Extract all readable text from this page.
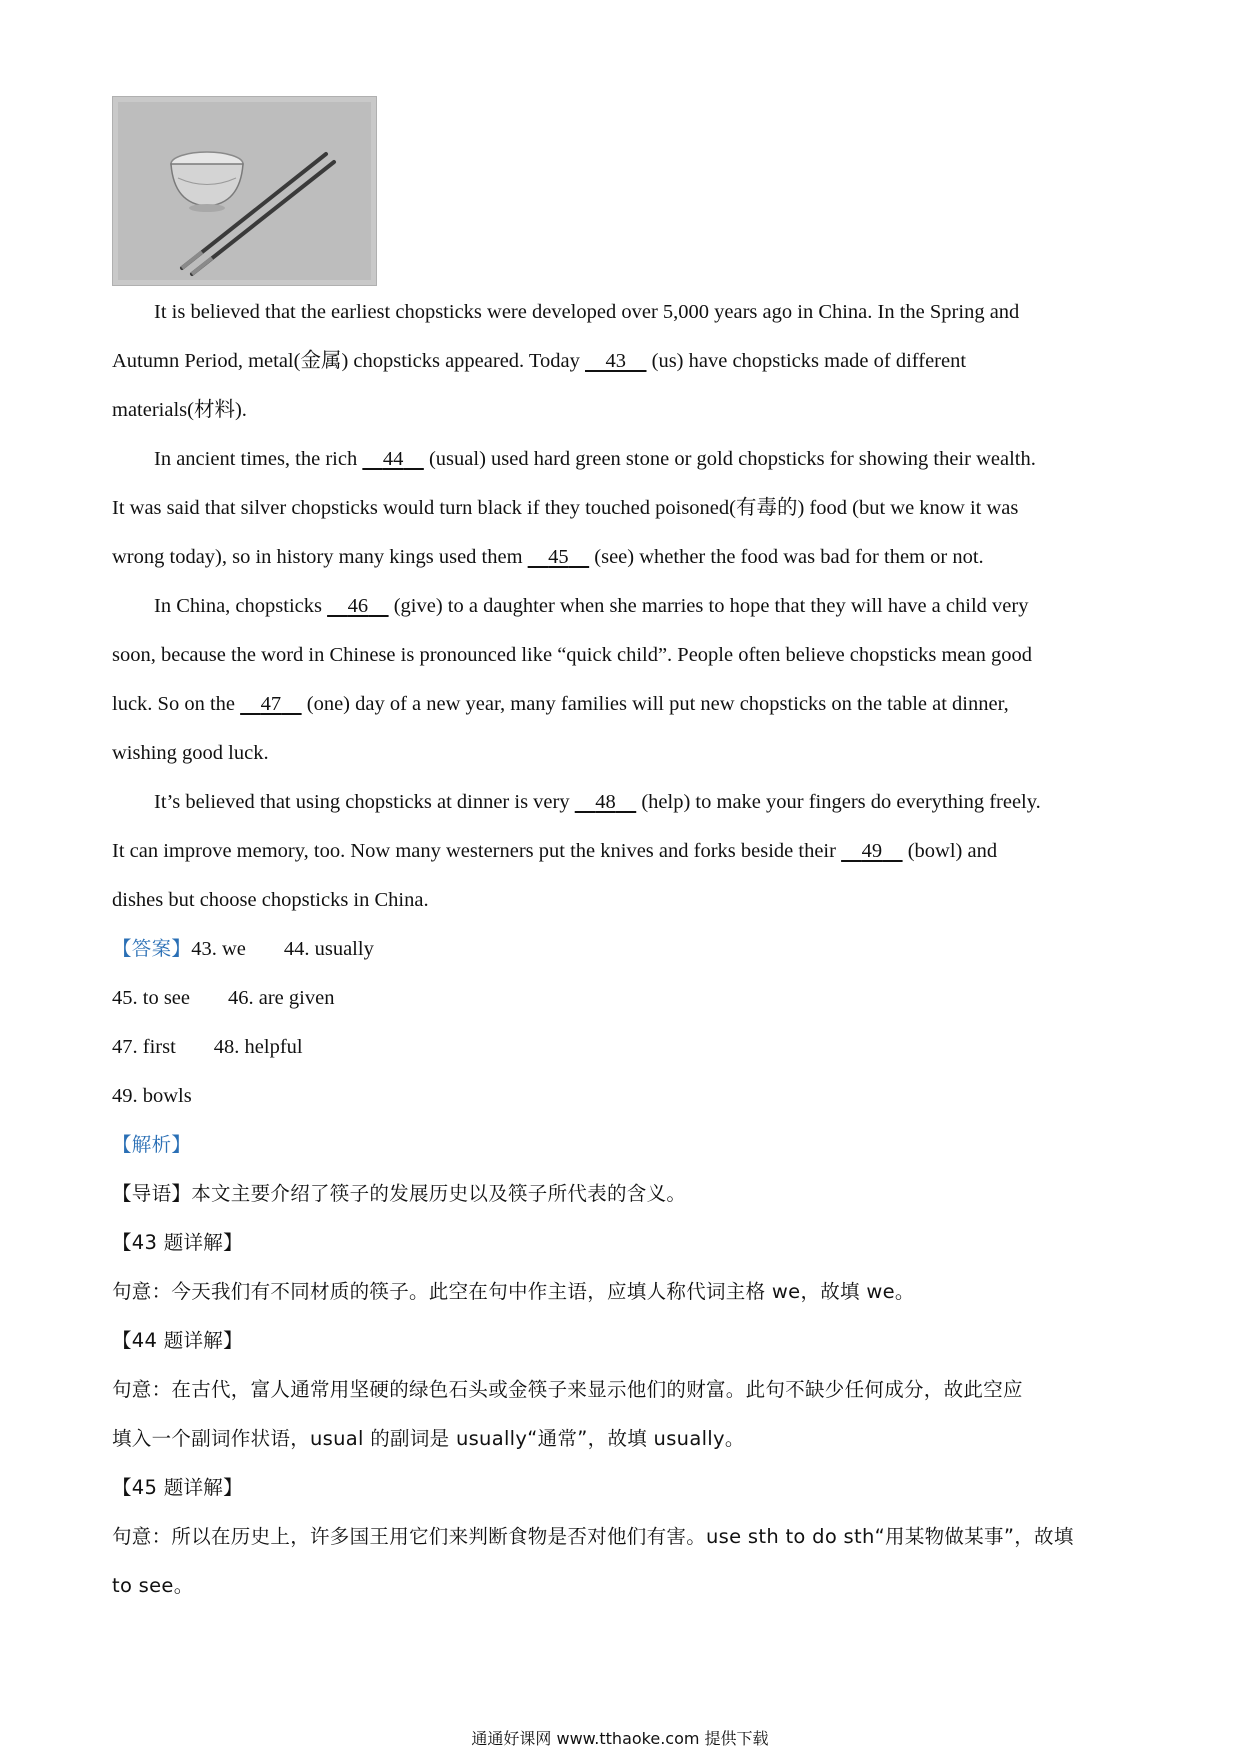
It is believed that the earliest chopsticks were developed over 5,000 years ago in China. In the Spring and
Autumn Period, metal(金属) chopsticks appeared. Today     43     (us) have chopsticks made of different
materials(材料).
In ancient times, the rich     44     (usual) used hard green stone or gold chopsticks for showing their wealth.
It was said that silver chopsticks would turn black if they touched poisoned(有毒的) food (but we know it was
wrong today), so in history many kings used them     45     (see) whether the food was bad for them or not.
In China, chopsticks     46     (give) to a daughter when she marries to hope that they will have a child very
soon, because the word in Chinese is pronounced like “quick child”. People often believe chopsticks mean good
luck. So on the     47     (one) day of a new year, many families will put new chopsticks on the table at dinner,
wishing good luck.
It’s believed that using chopsticks at dinner is very     48     (help) to make your fingers do everything freely.
It can improve memory, too. Now many westerners put the knives and forks beside their     49     (bowl) and
dishes but choose chopsticks in China.
【答案】43. we 44. usually
45. to see 46. are given
47. first 48. helpful
49. bowls
【解析】
【导语】本文主要介绍了筷子的发展历史以及筷子所代表的含义。
【43 题详解】
句意：今天我们有不同材质的筷子。此空在句中作主语，应填人称代词主格 we，故填 we。
【44 题详解】
句意：在古代，富人通常用坚硬的绿色石头或金筷子来显示他们的财富。此句不缺少任何成分，故此空应
填入一个副词作状语，usual 的副词是 usually“通常”，故填 usually。
【45 题详解】
句意：所以在历史上，许多国王用它们来判断食物是否对他们有害。use sth to do sth“用某物做某事”，故填
to see。
通通好课网 www.tthaoke.com 提供下载
